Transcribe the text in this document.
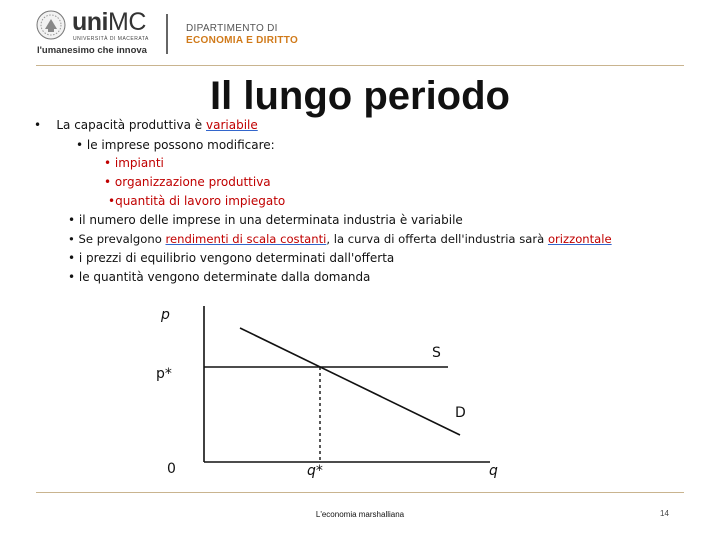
uniMC
UNIVERSITÀ DI MACERATA
l'umanesimo che innova
DIPARTIMENTO DI
ECONOMIA E DIRITTO
Il lungo periodo
•    La capacità produttiva è variabile
• le imprese possono modificare:
• impianti
• organizzazione produttiva
•quantità di lavoro impiegato
• il numero delle imprese in una determinata industria è variabile
• Se prevalgono rendimenti di scala costanti, la curva di offerta dell'industria sarà orizzontale
• i prezzi di equilibrio vengono determinati dall'offerta
• le quantità vengono determinate dalla domanda
p
p*
S
D
0	q*	q
L'economia marshalliana	14
